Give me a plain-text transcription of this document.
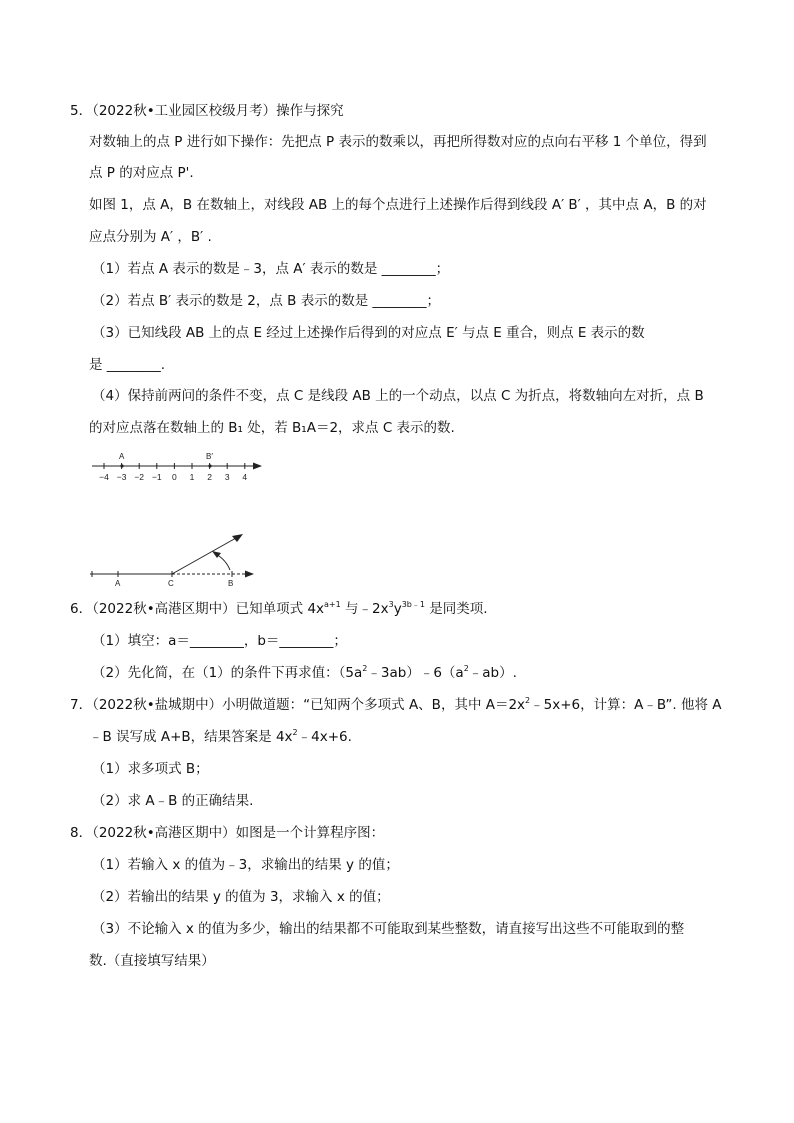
5．（2022秋•工业园区校级月考）操作与探究
对数轴上的点 P 进行如下操作：先把点 P 表示的数乘以，再把所得数对应的点向右平移 1 个单位，得到
点 P 的对应点 P'.
如图 1，点 A，B 在数轴上，对线段 AB 上的每个点进行上述操作后得到线段 A′ B′ ，其中点 A，B 的对
应点分别为 A′ ，B′ .
（1）若点 A 表示的数是﹣3，点 A′ 表示的数是 ________；
（2）若点 B′ 表示的数是 2，点 B 表示的数是 ________；
（3）已知线段 AB 上的点 E 经过上述操作后得到的对应点 E′ 与点 E 重合，则点 E 表示的数
是 ________.
（4）保持前两问的条件不变，点 C 是线段 AB 上的一个动点，以点 C 为折点，将数轴向左对折，点 B
的对应点落在数轴上的 B₁ 处，若 B₁A＝2，求点 C 表示的数.
−4 −3 −2 −1 0 1 2 3 4
A	B′
A	C	B
6．（2022秋•高港区期中）已知单项式 $4x^{a+1}$ 与$﹣2x^3y^{3b﹣1}$ 是同类项.
（1）填空：a＝________，b＝________；
（2）先化简，在（1）的条件下再求值：$(5a^2﹣3ab)﹣6(a^2﹣ab)$.
7．（2022秋•盐城期中）小明做道题：“已知两个多项式 A、B，其中 $A=2x^2﹣5x+6$，计算：A﹣B”. 他将 A
﹣B 误写成 A+B，结果答案是 $4x^2﹣4x+6$.
（1）求多项式 B；
（2）求 A﹣B 的正确结果.
8．（2022秋•高港区期中）如图是一个计算程序图：
（1）若输入 x 的值为﹣3，求输出的结果 y 的值；
（2）若输出的结果 y 的值为 3，求输入 x 的值；
（3）不论输入 x 的值为多少，输出的结果都不可能取到某些整数，请直接写出这些不可能取到的整
数.（直接填写结果）
